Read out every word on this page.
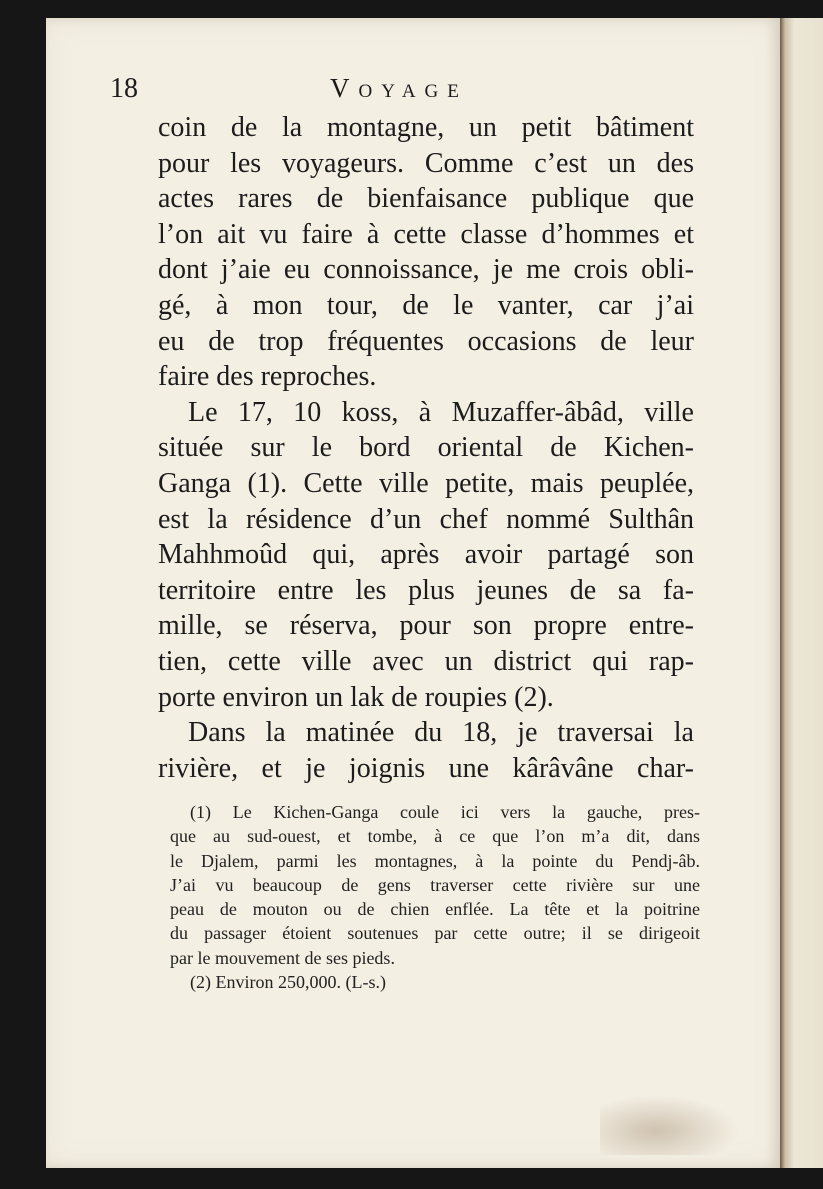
18	Voyage
coin de la montagne, un petit bâtiment
pour les voyageurs. Comme c’est un des
actes rares de bienfaisance publique que
l’on ait vu faire à cette classe d’hommes et
dont j’aie eu connoissance, je me crois obli-
gé, à mon tour, de le vanter, car j’ai
eu de trop fréquentes occasions de leur
faire des reproches.
Le 17, 10 koss, à Muzaffer-âbâd, ville
située sur le bord oriental de Kichen-
Ganga (1). Cette ville petite, mais peuplée,
est la résidence d’un chef nommé Sulthân
Mahhmoûd qui, après avoir partagé son
territoire entre les plus jeunes de sa fa-
mille, se réserva, pour son propre entre-
tien, cette ville avec un district qui rap-
porte environ un lak de roupies (2).
Dans la matinée du 18, je traversai la
rivière, et je joignis une kârâvâne char-
(1) Le Kichen-Ganga coule ici vers la gauche, pres-
que au sud-ouest, et tombe, à ce que l’on m’a dit, dans
le Djalem, parmi les montagnes, à la pointe du Pendj-âb.
J’ai vu beaucoup de gens traverser cette rivière sur une
peau de mouton ou de chien enflée. La tête et la poitrine
du passager étoient soutenues par cette outre; il se dirigeoit
par le mouvement de ses pieds.
(2) Environ 250,000. (L-s.)
